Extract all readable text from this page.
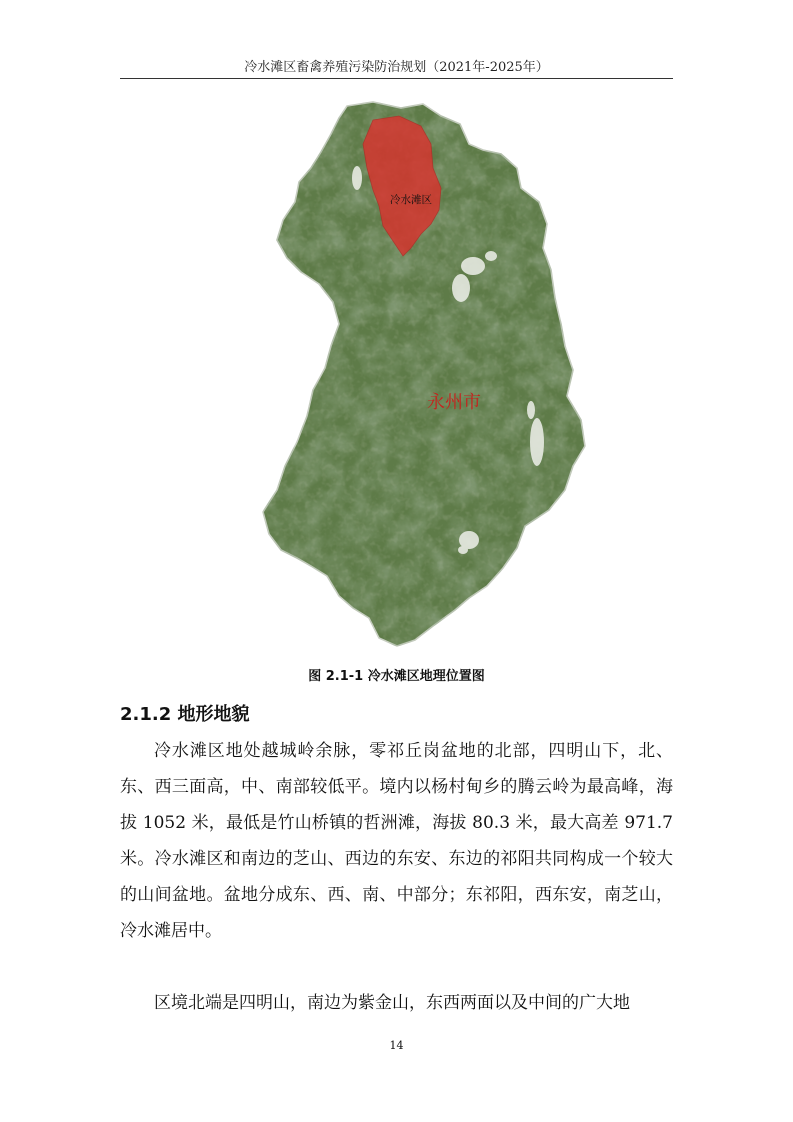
冷水滩区畜禽养殖污染防治规划（2021年-2025年）
冷水滩区
永州市
图 2.1-1 冷水滩区地理位置图
2.1.2 地形地貌

冷水滩区地处越城岭余脉，零祁丘岗盆地的北部，四明山下，北、东、西三面高，中、南部较低平。境内以杨村甸乡的腾云岭为最高峰，海拔 1052 米，最低是竹山桥镇的哲洲滩，海拔 80.3 米，最大高差 971.7 米。冷水滩区和南边的芝山、西边的东安、东边的祁阳共同构成一个较大的山间盆地。盆地分成东、西、南、中部分；东祁阳，西东安，南芝山，冷水滩居中。

区境北端是四明山，南边为紫金山，东西两面以及中间的广大地

14
